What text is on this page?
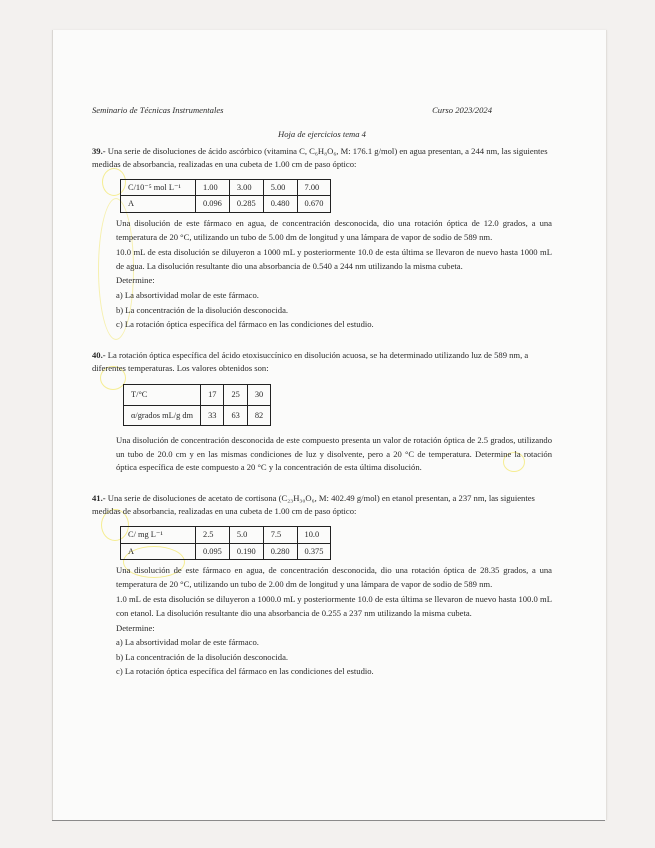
Seminario de Técnicas Instrumentales	Curso 2023/2024
Hoja de ejercicios tema 4

39.- Una serie de disoluciones de ácido ascórbico (vitamina C, C₆H₈O₆, M: 176.1 g/mol) en agua presentan, a 244 nm, las siguientes medidas de absorbancia, realizadas en una cubeta de 1.00 cm de paso óptico:

C/10⁻⁵ mol L⁻¹	1.00	3.00	5.00	7.00
A	0.096	0.285	0.480	0.670

Una disolución de este fármaco en agua, de concentración desconocida, dio una rotación óptica de 12.0 grados, a una temperatura de 20 °C, utilizando un tubo de 5.00 dm de longitud y una lámpara de vapor de sodio de 589 nm.

10.0 mL de esta disolución se diluyeron a 1000 mL y posteriormente 10.0 de esta última se llevaron de nuevo hasta 1000 mL de agua. La disolución resultante dio una absorbancia de 0.540 a 244 nm utilizando la misma cubeta.

Determine:

a) La absortividad molar de este fármaco.

b) La concentración de la disolución desconocida.

c) La rotación óptica específica del fármaco en las condiciones del estudio.

40.- La rotación óptica específica del ácido etoxisuccínico en disolución acuosa, se ha determinado utilizando luz de 589 nm, a diferentes temperaturas. Los valores obtenidos son:

T/°C	17	25	30
α/grados mL/g dm	33	63	82

Una disolución de concentración desconocida de este compuesto presenta un valor de rotación óptica de 2.5 grados, utilizando un tubo de 20.0 cm y en las mismas condiciones de luz y disolvente, pero a 20 °C de temperatura. Determine la rotación óptica específica de este compuesto a 20 °C y la concentración de esta última disolución.

41.- Una serie de disoluciones de acetato de cortisona (C₂₃H₃₀O₆, M: 402.49 g/mol) en etanol presentan, a 237 nm, las siguientes medidas de absorbancia, realizadas en una cubeta de 1.00 cm de paso óptico:

C/ mg L⁻¹	2.5	5.0	7.5	10.0
A	0.095	0.190	0.280	0.375

Una disolución de este fármaco en agua, de concentración desconocida, dio una rotación óptica de 28.35 grados, a una temperatura de 20 °C, utilizando un tubo de 2.00 dm de longitud y una lámpara de vapor de sodio de 589 nm.

1.0 mL de esta disolución se diluyeron a 1000.0 mL y posteriormente 10.0 de esta última se llevaron de nuevo hasta 100.0 mL con etanol. La disolución resultante dio una absorbancia de 0.255 a 237 nm utilizando la misma cubeta.

Determine:

a) La absortividad molar de este fármaco.

b) La concentración de la disolución desconocida.

c) La rotación óptica específica del fármaco en las condiciones del estudio.
